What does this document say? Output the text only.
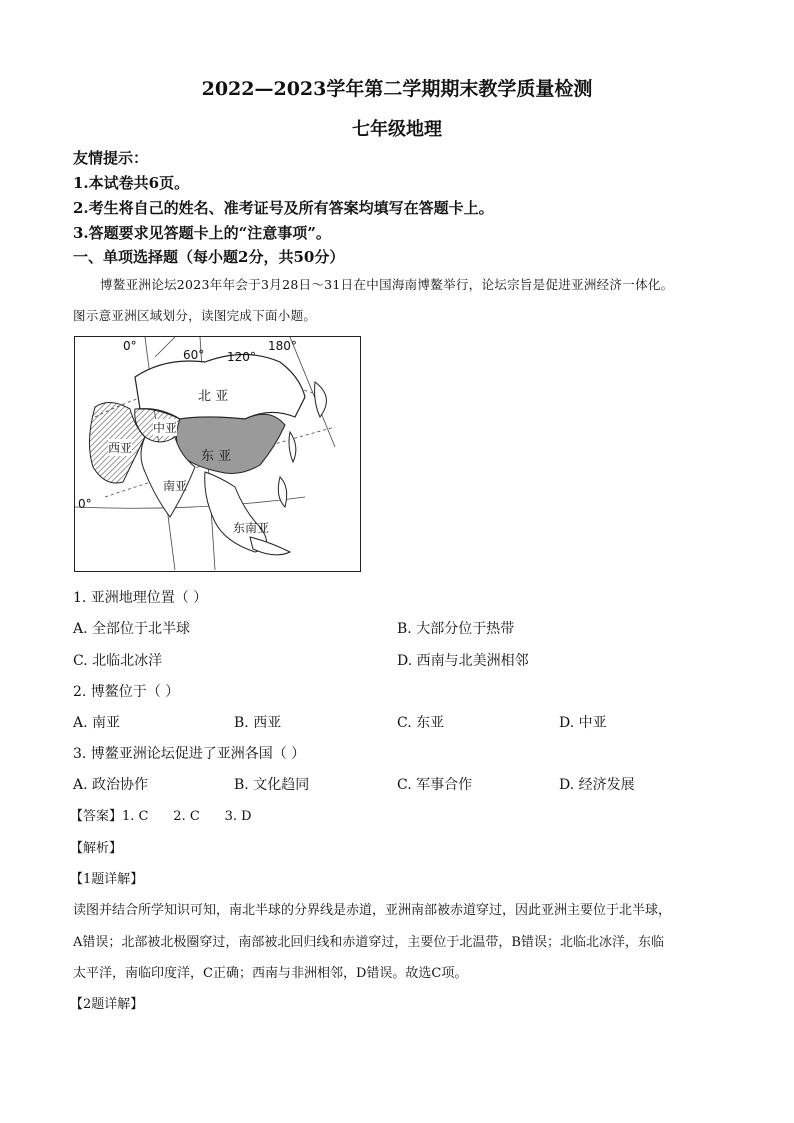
2022—2023学年第二学期期末教学质量检测
七年级地理
友情提示：
1.本试卷共6页。
2.考生将自己的姓名、准考证号及所有答案均填写在答题卡上。
3.答题要求见答题卡上的“注意事项”。
一、单项选择题（每小题2分，共50分）
博鳌亚洲论坛2023年年会于3月28日～31日在中国海南博鳌举行，论坛宗旨是促进亚洲经济一体化。
图示意亚洲区域划分，读图完成下面小题。
0°
60° 120°
180°
0°
北 亚
中亚
西亚
东 亚
南亚
东南亚
1. 亚洲地理位置（ ）
A. 全部位于北半球	B. 大部分位于热带
C. 北临北冰洋	D. 西南与北美洲相邻
2. 博鳌位于（ ）
A. 南亚	B. 西亚	C. 东亚	D. 中亚
3. 博鳌亚洲论坛促进了亚洲各国（ ）
A. 政治协作	B. 文化趋同	C. 军事合作	D. 经济发展
【答案】1. C      2. C      3. D
【解析】
【1题详解】
读图并结合所学知识可知，南北半球的分界线是赤道，亚洲南部被赤道穿过，因此亚洲主要位于北半球，
A错误；北部被北极圈穿过，南部被北回归线和赤道穿过，主要位于北温带，B错误；北临北冰洋，东临
太平洋，南临印度洋，C正确；西南与非洲相邻，D错误。故选C项。
【2题详解】
